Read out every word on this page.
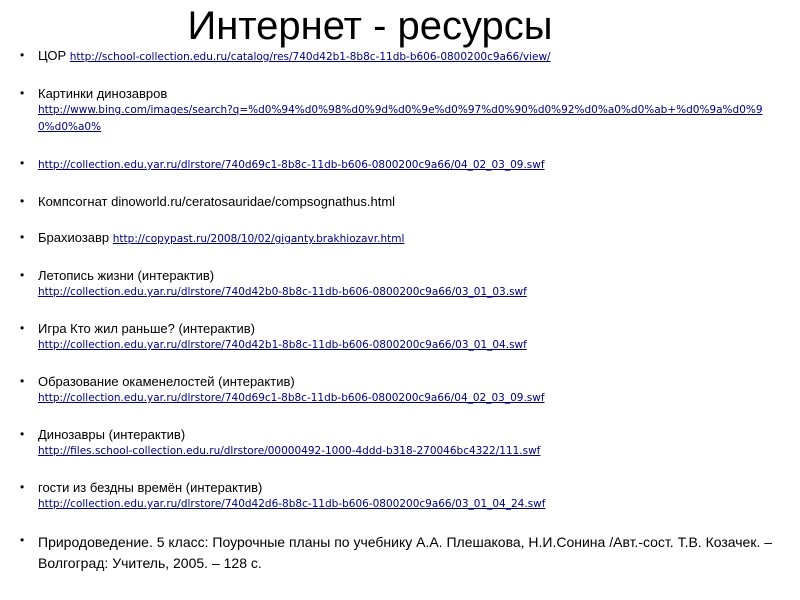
Интернет - ресурсы
• ЦОР http://school-collection.edu.ru/catalog/res/740d42b1-8b8c-11db-b606-0800200c9a66/view/
• Картинки динозавров
http://www.bing.com/images/search?q=%d0%94%d0%98%d0%9d%d0%9e%d0%97%d0%90%d0%92%d0%a0%d0%ab+%d0%9a%d0%90%d0%a0%
• http://collection.edu.yar.ru/dlrstore/740d69c1-8b8c-11db-b606-0800200c9a66/04_02_03_09.swf
• Компсогнат dinoworld.ru/ceratosauridae/compsognathus.html
• Брахиозавр http://copypast.ru/2008/10/02/giganty.brakhiozavr.html
• Летопись жизни (интерактив)
http://collection.edu.yar.ru/dlrstore/740d42b0-8b8c-11db-b606-0800200c9a66/03_01_03.swf
• Игра Кто жил раньше? (интерактив)
http://collection.edu.yar.ru/dlrstore/740d42b1-8b8c-11db-b606-0800200c9a66/03_01_04.swf
• Образование окаменелостей (интерактив)
http://collection.edu.yar.ru/dlrstore/740d69c1-8b8c-11db-b606-0800200c9a66/04_02_03_09.swf
• Динозавры (интерактив)
http://files.school-collection.edu.ru/dlrstore/00000492-1000-4ddd-b318-270046bc4322/111.swf
• гости из бездны времён (интерактив)
http://collection.edu.yar.ru/dlrstore/740d42d6-8b8c-11db-b606-0800200c9a66/03_01_04_24.swf
• Природоведение. 5 класс: Поурочные планы по учебнику А.А. Плешакова, Н.И.Сонина /Авт.-сост. Т.В. Козачек. – Волгоград: Учитель, 2005. – 128 с.
